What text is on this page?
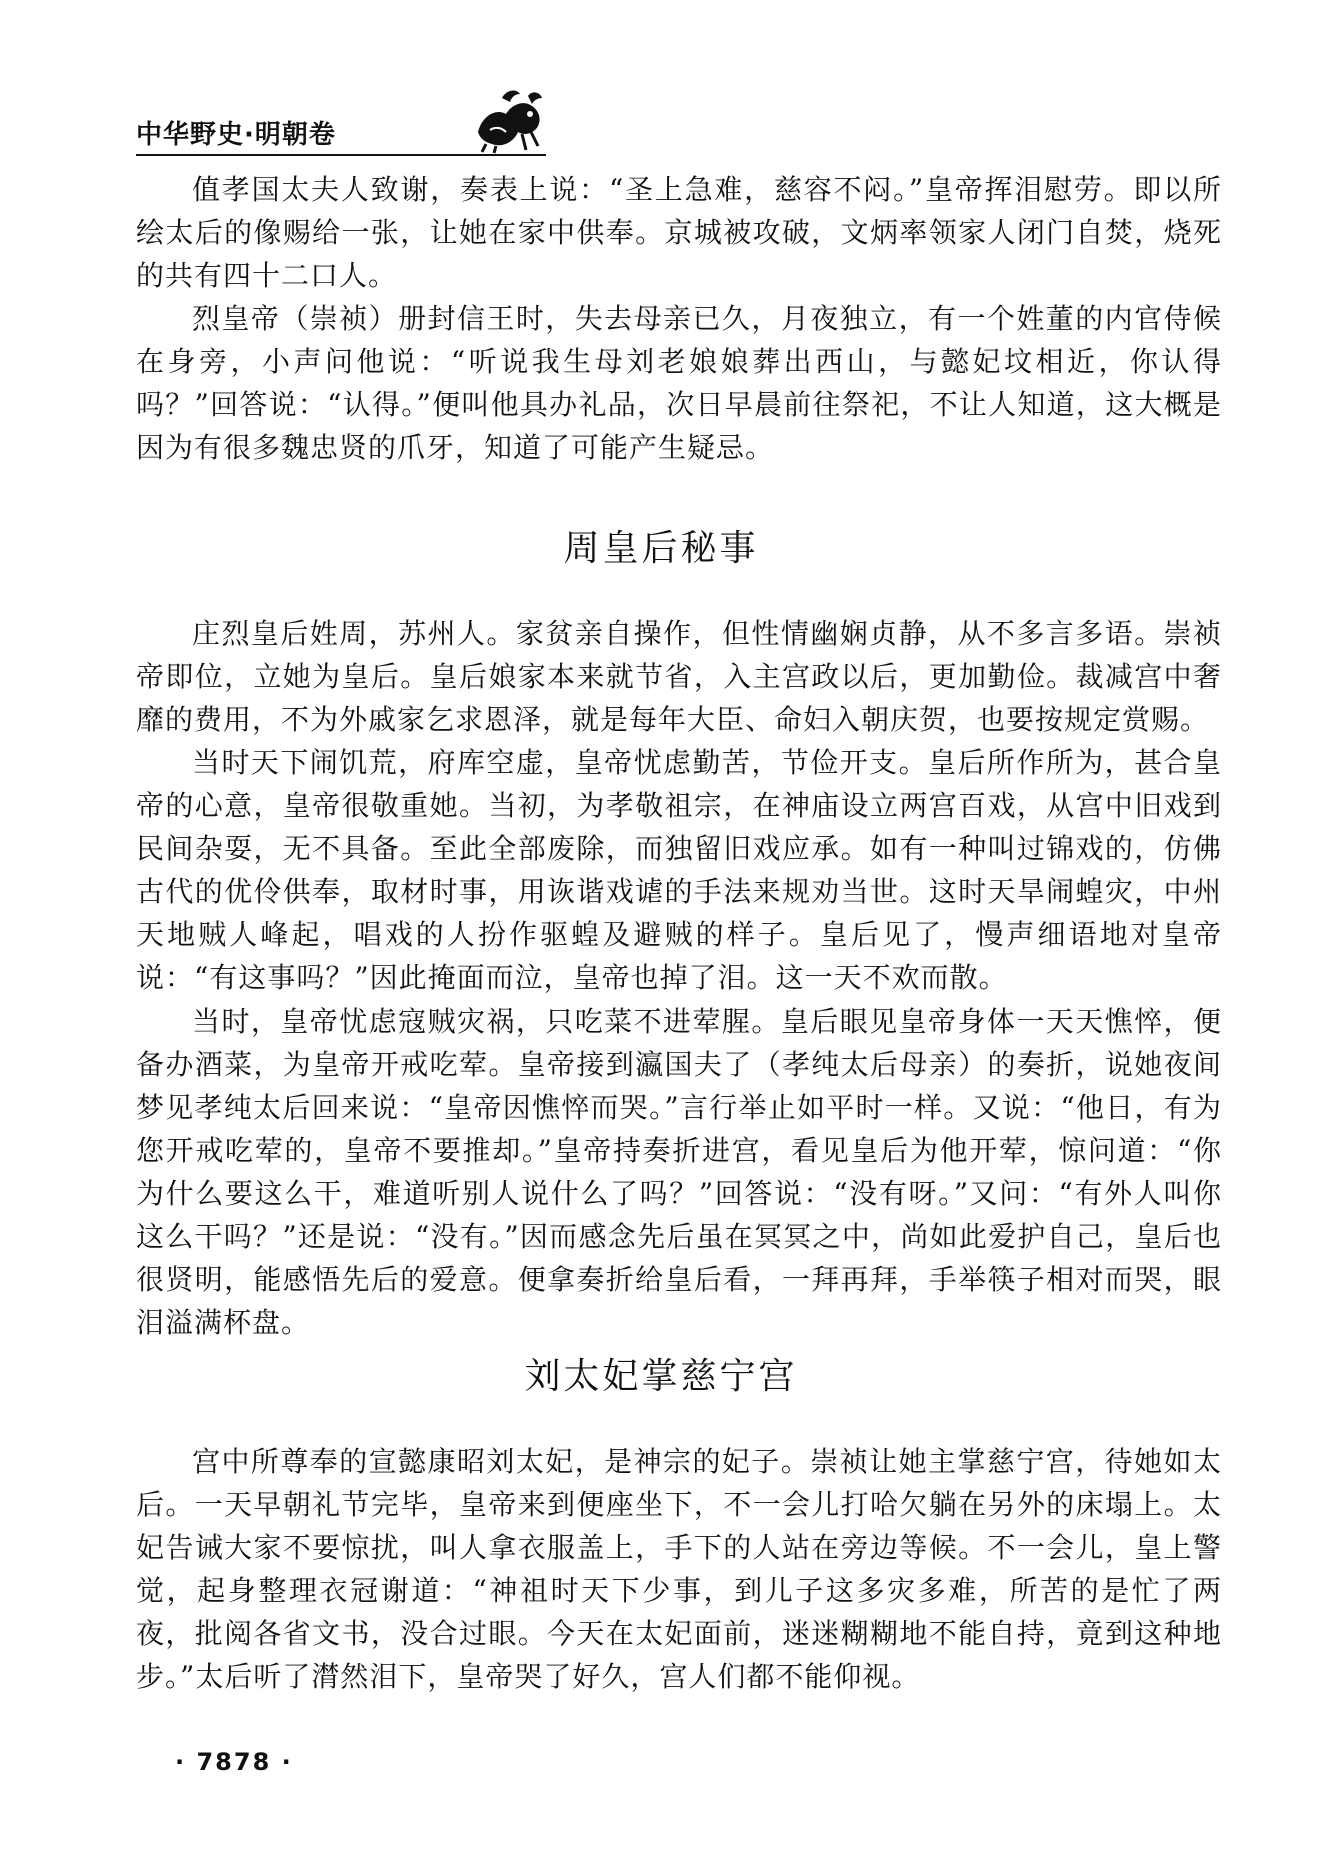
中华野史·明朝卷

值孝国太夫人致谢，奏表上说：“圣上急难，慈容不闷。”皇帝挥泪慰劳。即以所绘太后的像赐给一张，让她在家中供奉。京城被攻破，文炳率领家人闭门自焚，烧死的共有四十二口人。

烈皇帝（崇祯）册封信王时，失去母亲已久，月夜独立，有一个姓董的内官侍候在身旁，小声问他说：“听说我生母刘老娘娘葬出西山，与懿妃坟相近，你认得吗？”回答说：“认得。”便叫他具办礼品，次日早晨前往祭祀，不让人知道，这大概是因为有很多魏忠贤的爪牙，知道了可能产生疑忌。

周皇后秘事

庄烈皇后姓周，苏州人。家贫亲自操作，但性情幽娴贞静，从不多言多语。崇祯帝即位，立她为皇后。皇后娘家本来就节省，入主宫政以后，更加勤俭。裁减宫中奢靡的费用，不为外戚家乞求恩泽，就是每年大臣、命妇入朝庆贺，也要按规定赏赐。

当时天下闹饥荒，府库空虚，皇帝忧虑勤苦，节俭开支。皇后所作所为，甚合皇帝的心意，皇帝很敬重她。当初，为孝敬祖宗，在神庙设立两宫百戏，从宫中旧戏到民间杂耍，无不具备。至此全部废除，而独留旧戏应承。如有一种叫过锦戏的，仿佛古代的优伶供奉，取材时事，用诙谐戏谑的手法来规劝当世。这时天旱闹蝗灾，中州天地贼人峰起，唱戏的人扮作驱蝗及避贼的样子。皇后见了，慢声细语地对皇帝说：“有这事吗？”因此掩面而泣，皇帝也掉了泪。这一天不欢而散。

当时，皇帝忧虑寇贼灾祸，只吃菜不进荤腥。皇后眼见皇帝身体一天天憔悴，便备办酒菜，为皇帝开戒吃荤。皇帝接到瀛国夫了（孝纯太后母亲）的奏折，说她夜间梦见孝纯太后回来说：“皇帝因憔悴而哭。”言行举止如平时一样。又说：“他日，有为您开戒吃荤的，皇帝不要推却。”皇帝持奏折进宫，看见皇后为他开荤，惊问道：“你为什么要这么干，难道听别人说什么了吗？”回答说：“没有呀。”又问：“有外人叫你这么干吗？”还是说：“没有。”因而感念先后虽在冥冥之中，尚如此爱护自己，皇后也很贤明，能感悟先后的爱意。便拿奏折给皇后看，一拜再拜，手举筷子相对而哭，眼泪溢满杯盘。

刘太妃掌慈宁宫

宫中所尊奉的宣懿康昭刘太妃，是神宗的妃子。崇祯让她主掌慈宁宫，待她如太后。一天早朝礼节完毕，皇帝来到便座坐下，不一会儿打哈欠躺在另外的床塌上。太妃告诫大家不要惊扰，叫人拿衣服盖上，手下的人站在旁边等候。不一会儿，皇上警觉，起身整理衣冠谢道：“神祖时天下少事，到儿子这多灾多难，所苦的是忙了两夜，批阅各省文书，没合过眼。今天在太妃面前，迷迷糊糊地不能自持，竟到这种地步。”太后听了潸然泪下，皇帝哭了好久，宫人们都不能仰视。

· 7878 ·
